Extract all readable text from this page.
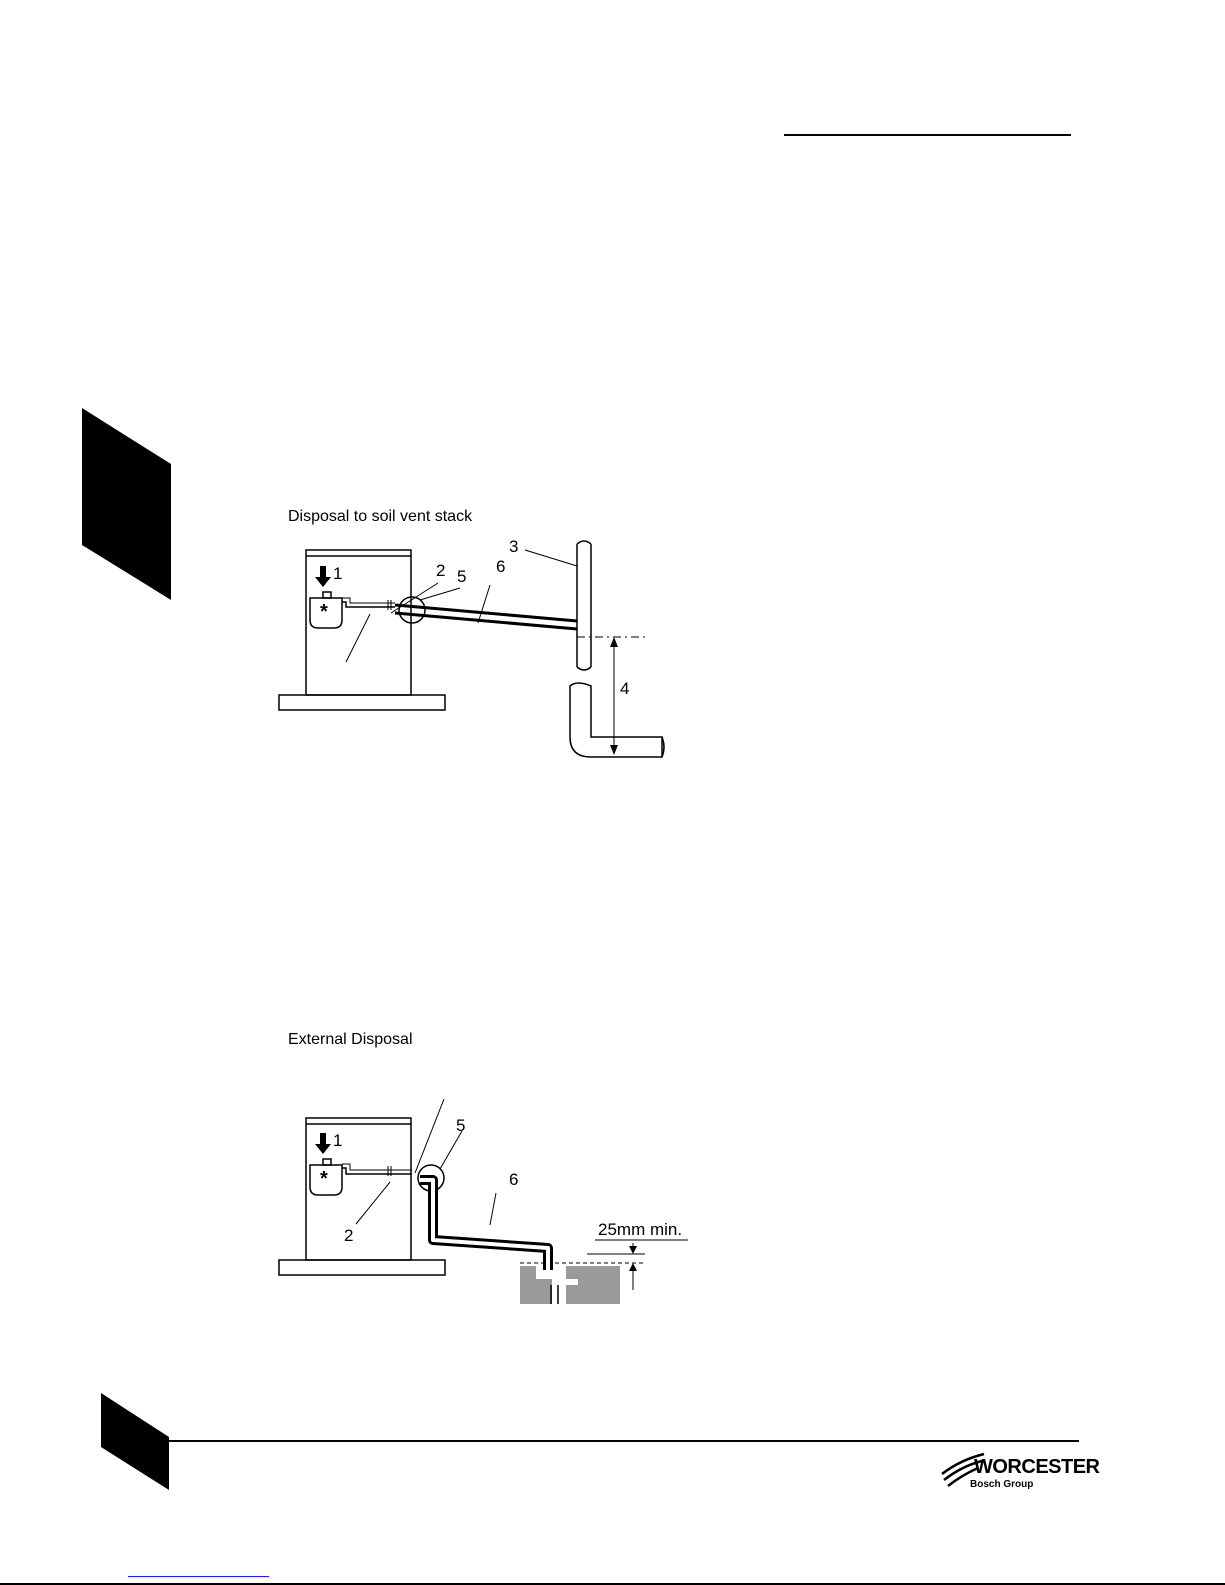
Disposal to soil vent stack
*
1	2
3
4
5
6
External Disposal
*
1
2
5
6
25mm min.
WORCESTER
Bosch Group
